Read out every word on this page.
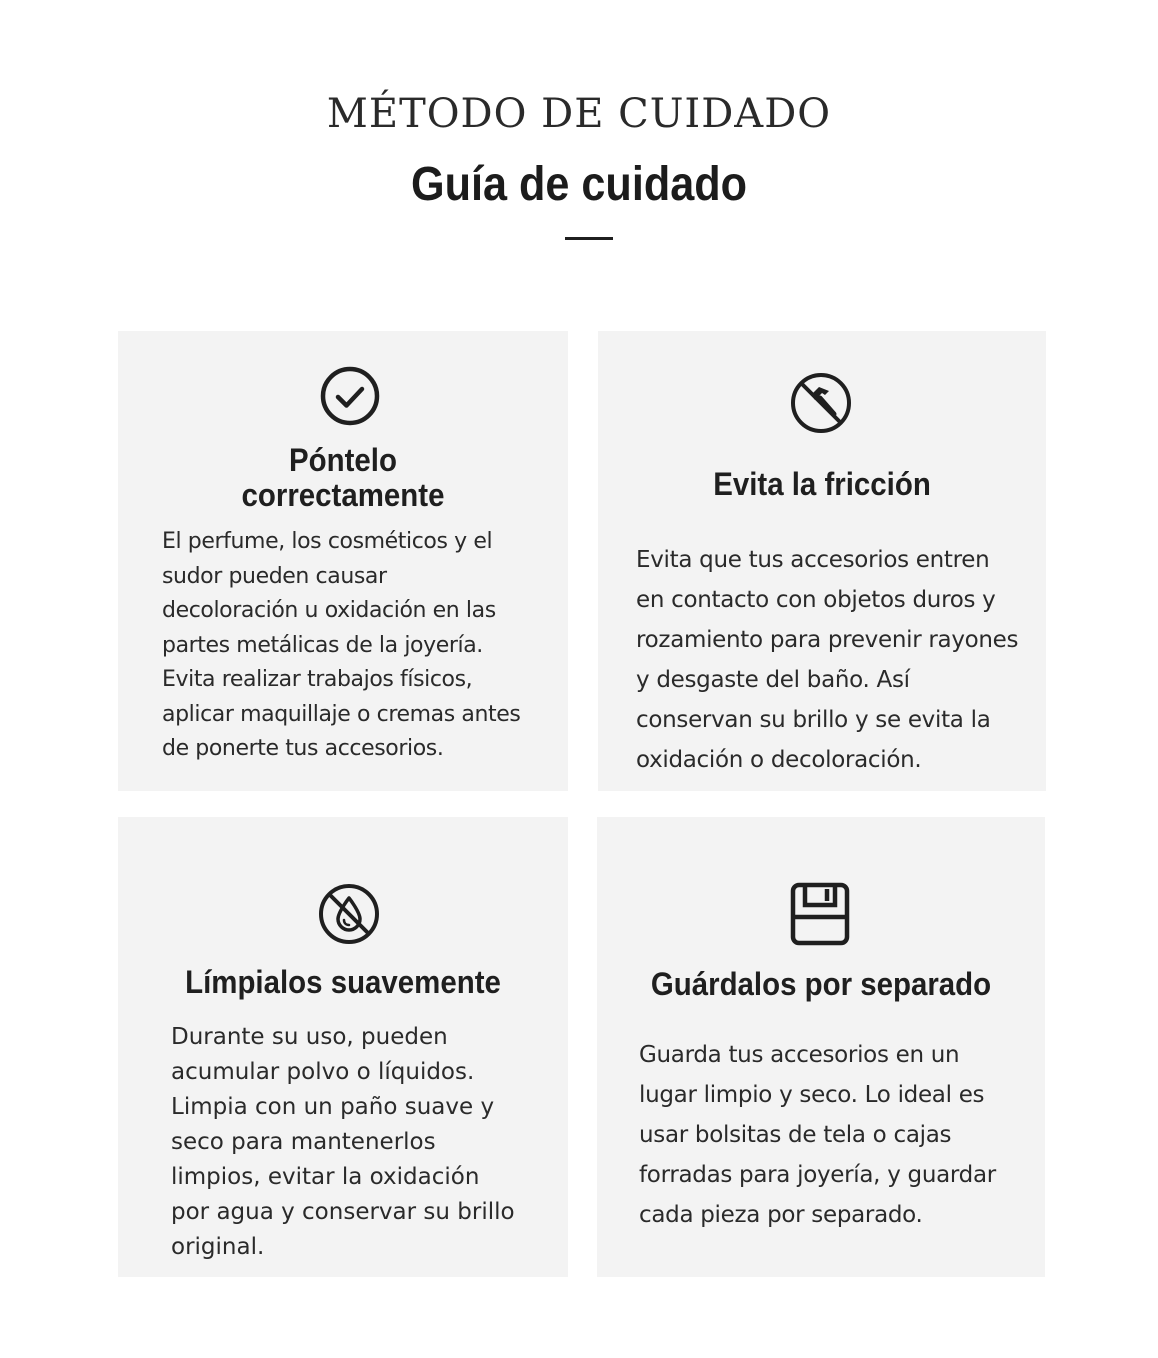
MÉTODO DE CUIDADO
Guía de cuidado
Póntelo
correctamente

El perfume, los cosméticos y el
sudor pueden causar
decoloración u oxidación en las
partes metálicas de la joyería.
Evita realizar trabajos físicos,
aplicar maquillaje o cremas antes
de ponerte tus accesorios.

Evita la fricción

Evita que tus accesorios entren
en contacto con objetos duros y
rozamiento para prevenir rayones
y desgaste del baño. Así
conservan su brillo y se evita la
oxidación o decoloración.

Límpialos suavemente

Durante su uso, pueden
acumular polvo o líquidos.
Limpia con un paño suave y
seco para mantenerlos
limpios, evitar la oxidación
por agua y conservar su brillo
original.

Guárdalos por separado

Guarda tus accesorios en un
lugar limpio y seco. Lo ideal es
usar bolsitas de tela o cajas
forradas para joyería, y guardar
cada pieza por separado.
